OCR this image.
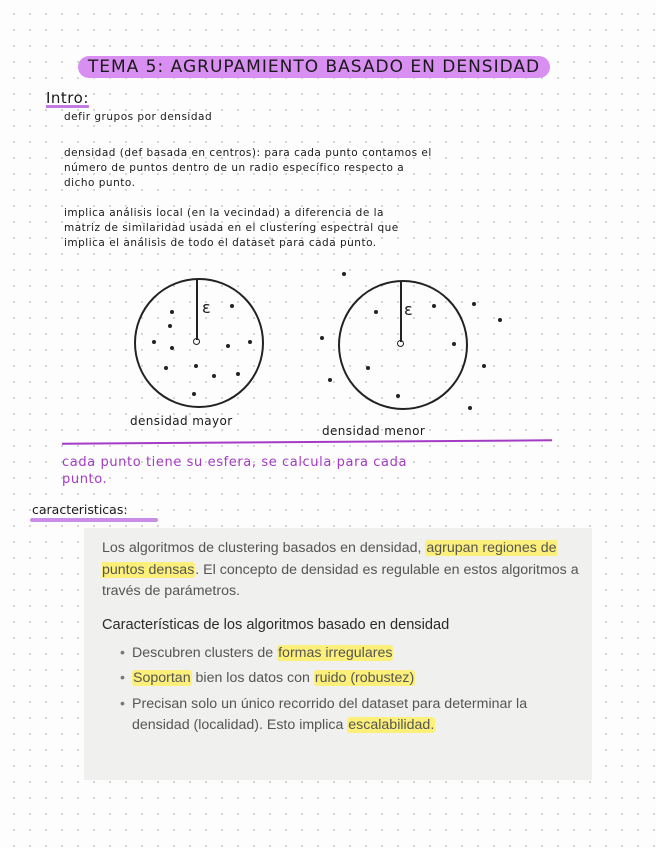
TEMA 5: AGRUPAMIENTO BASADO EN DENSIDAD
Intro:
defir grupos por densidad
densidad (def basada en centros): para cada punto contamos el
número de puntos dentro de un radio específico respecto a
dicho punto.
implica análisis local (en la vecindad) a diferencia de la
matriz de similaridad usada en el clustering espectral que
implica el análisis de todo el dataset para cada punto.
ε
densidad mayor
ε
densidad menor
cada punto tiene su esfera, se calcula para cada
punto.
caracteristicas:

Los algoritmos de clustering basados en densidad, agrupan regiones de puntos densas. El concepto de densidad es regulable en estos algoritmos a través de parámetros.

Características de los algoritmos basado en densidad
• Descubren clusters de formas irregulares
• Soportan bien los datos con ruido (robustez)
• Precisan solo un único recorrido del dataset para determinar la densidad (localidad). Esto implica escalabilidad.
